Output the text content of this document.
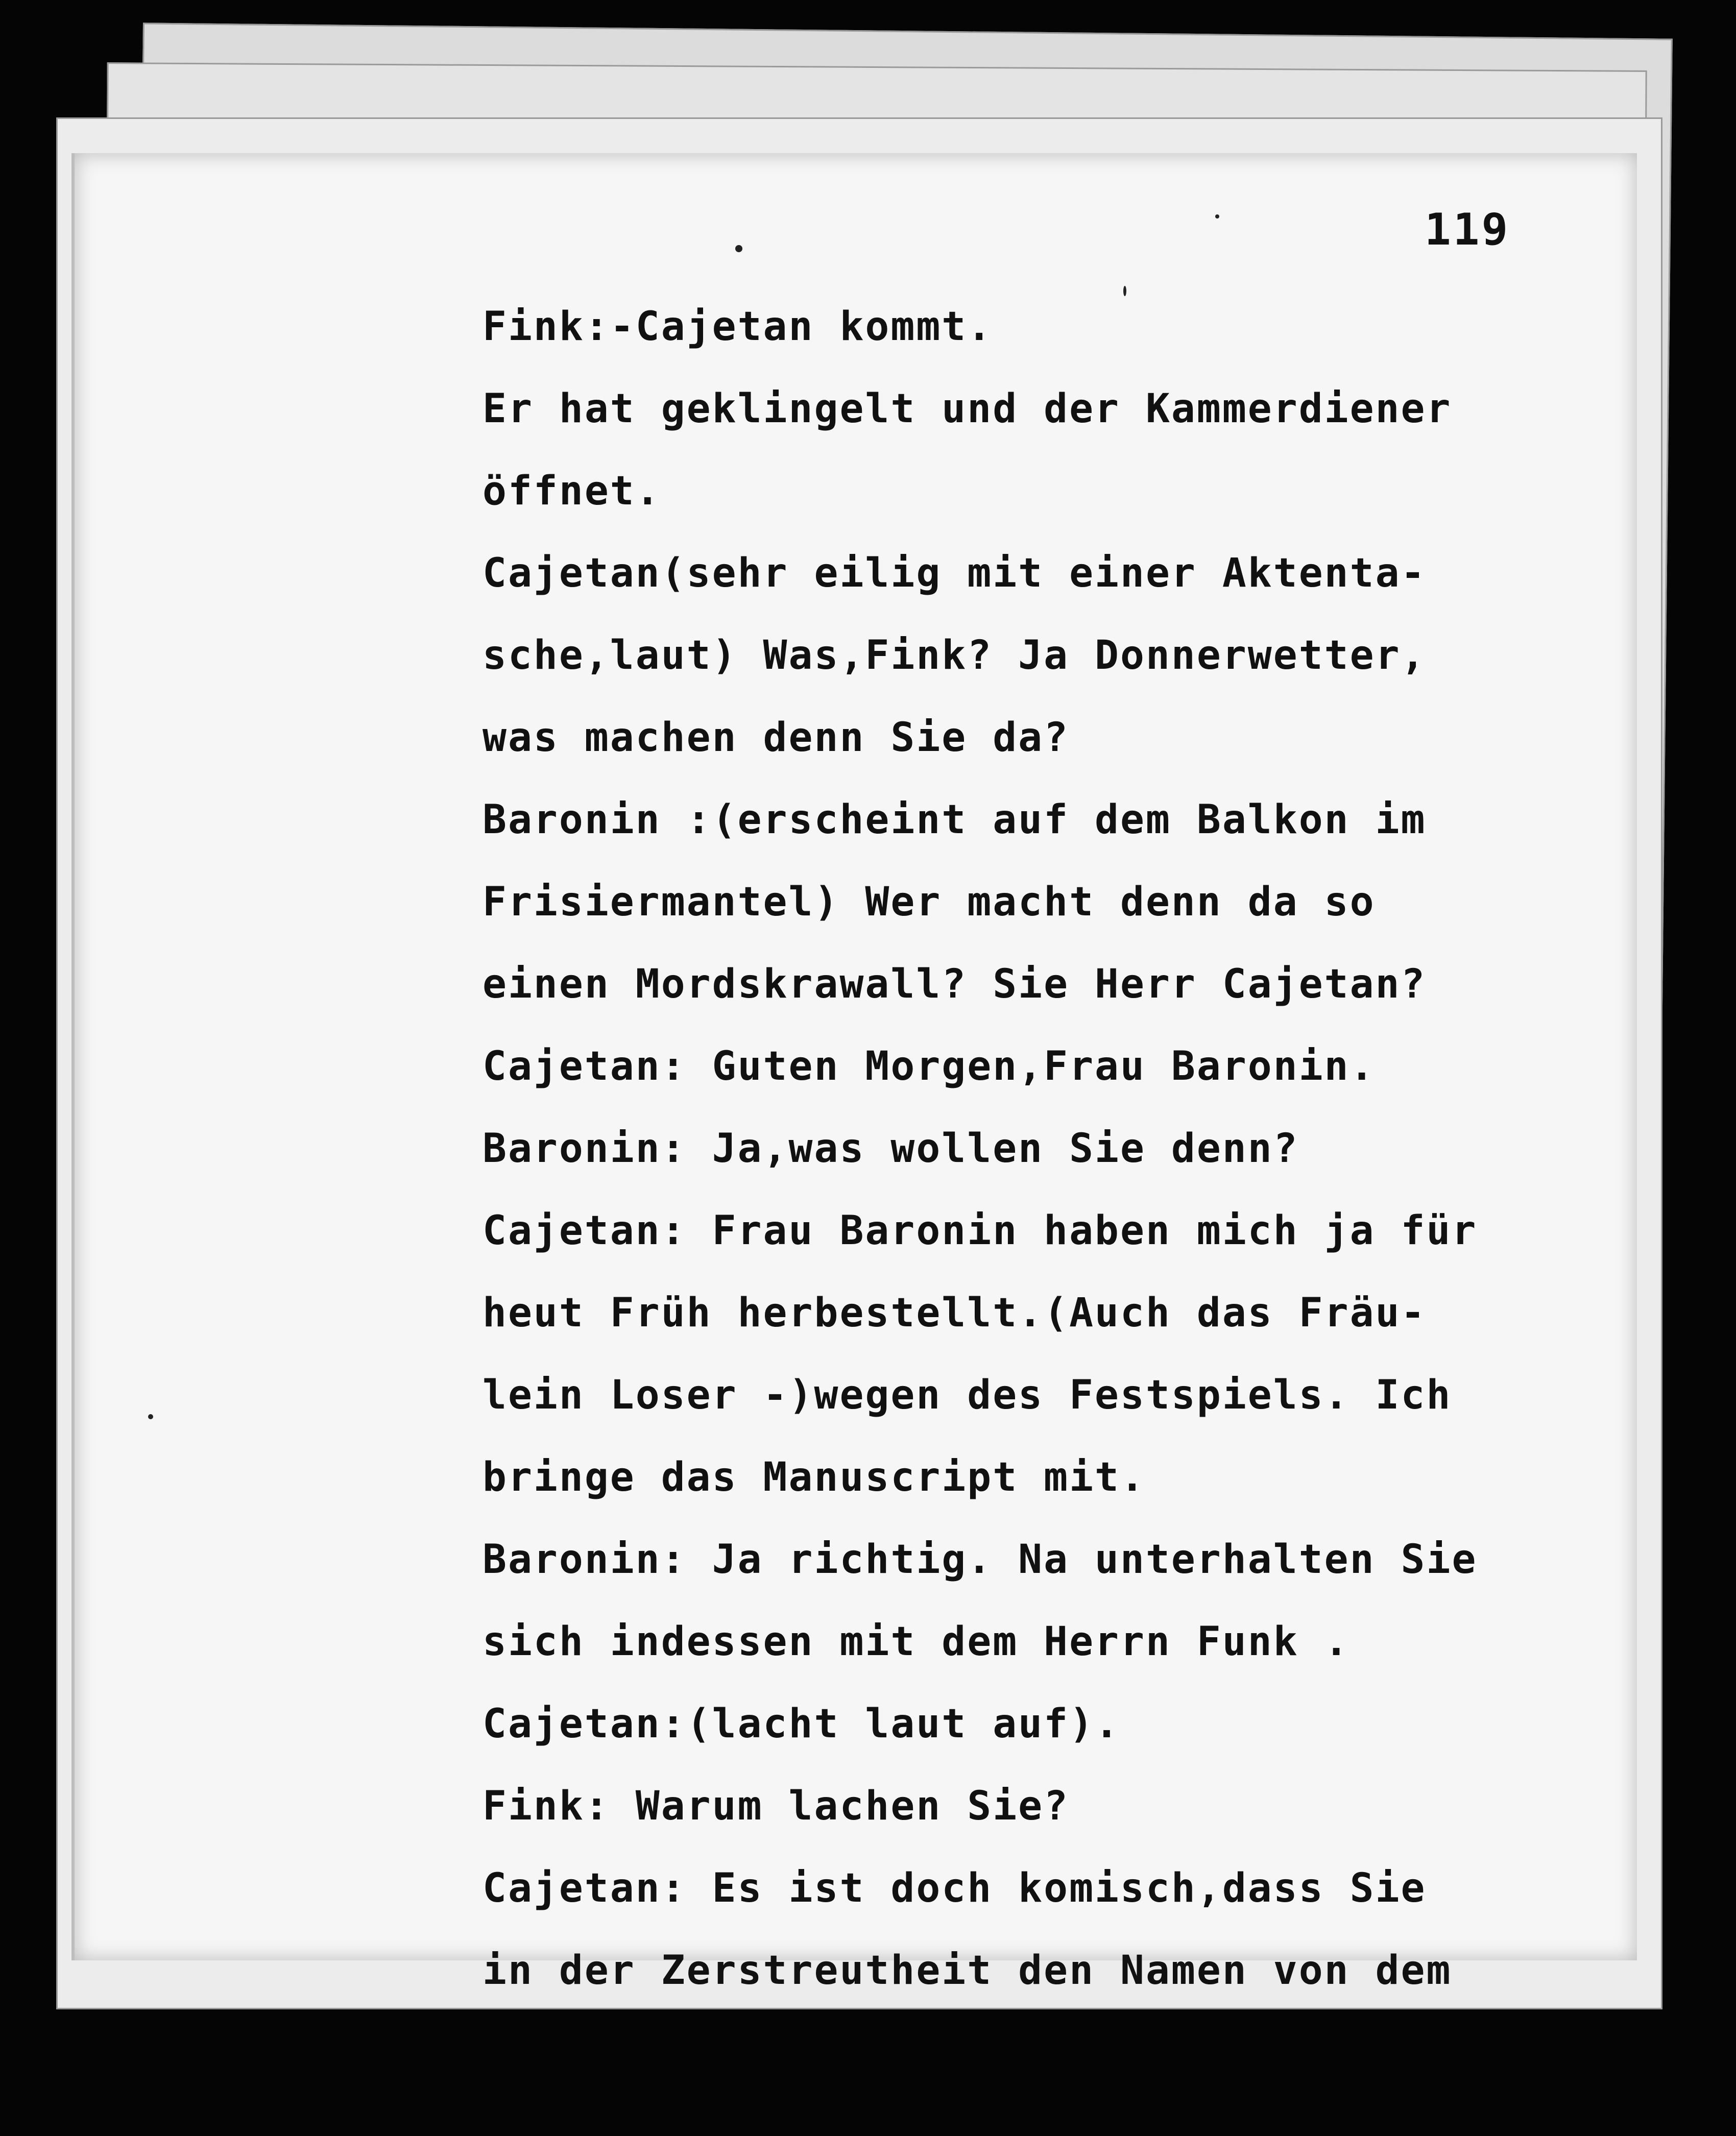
119
Fink:-Cajetan kommt.
Er hat geklingelt und der Kammerdiener
öffnet.
Cajetan(sehr eilig mit einer Aktenta-
sche,laut) Was,Fink? Ja Donnerwetter,
was machen denn Sie da?
Baronin :(erscheint auf dem Balkon im
Frisiermantel) Wer macht denn da so
einen Mordskrawall? Sie Herr Cajetan?
Cajetan: Guten Morgen,Frau Baronin.
Baronin: Ja,was wollen Sie denn?
Cajetan: Frau Baronin haben mich ja für
heut Früh herbestellt.(Auch das Fräu-
lein Loser -)wegen des Festspiels. Ich
bringe das Manuscript mit.
Baronin: Ja richtig. Na unterhalten Sie
sich indessen mit dem Herrn Funk .
Cajetan:(lacht laut auf).
Fink: Warum lachen Sie?
Cajetan: Es ist doch komisch,dass Sie
in der Zerstreutheit den Namen von dem
